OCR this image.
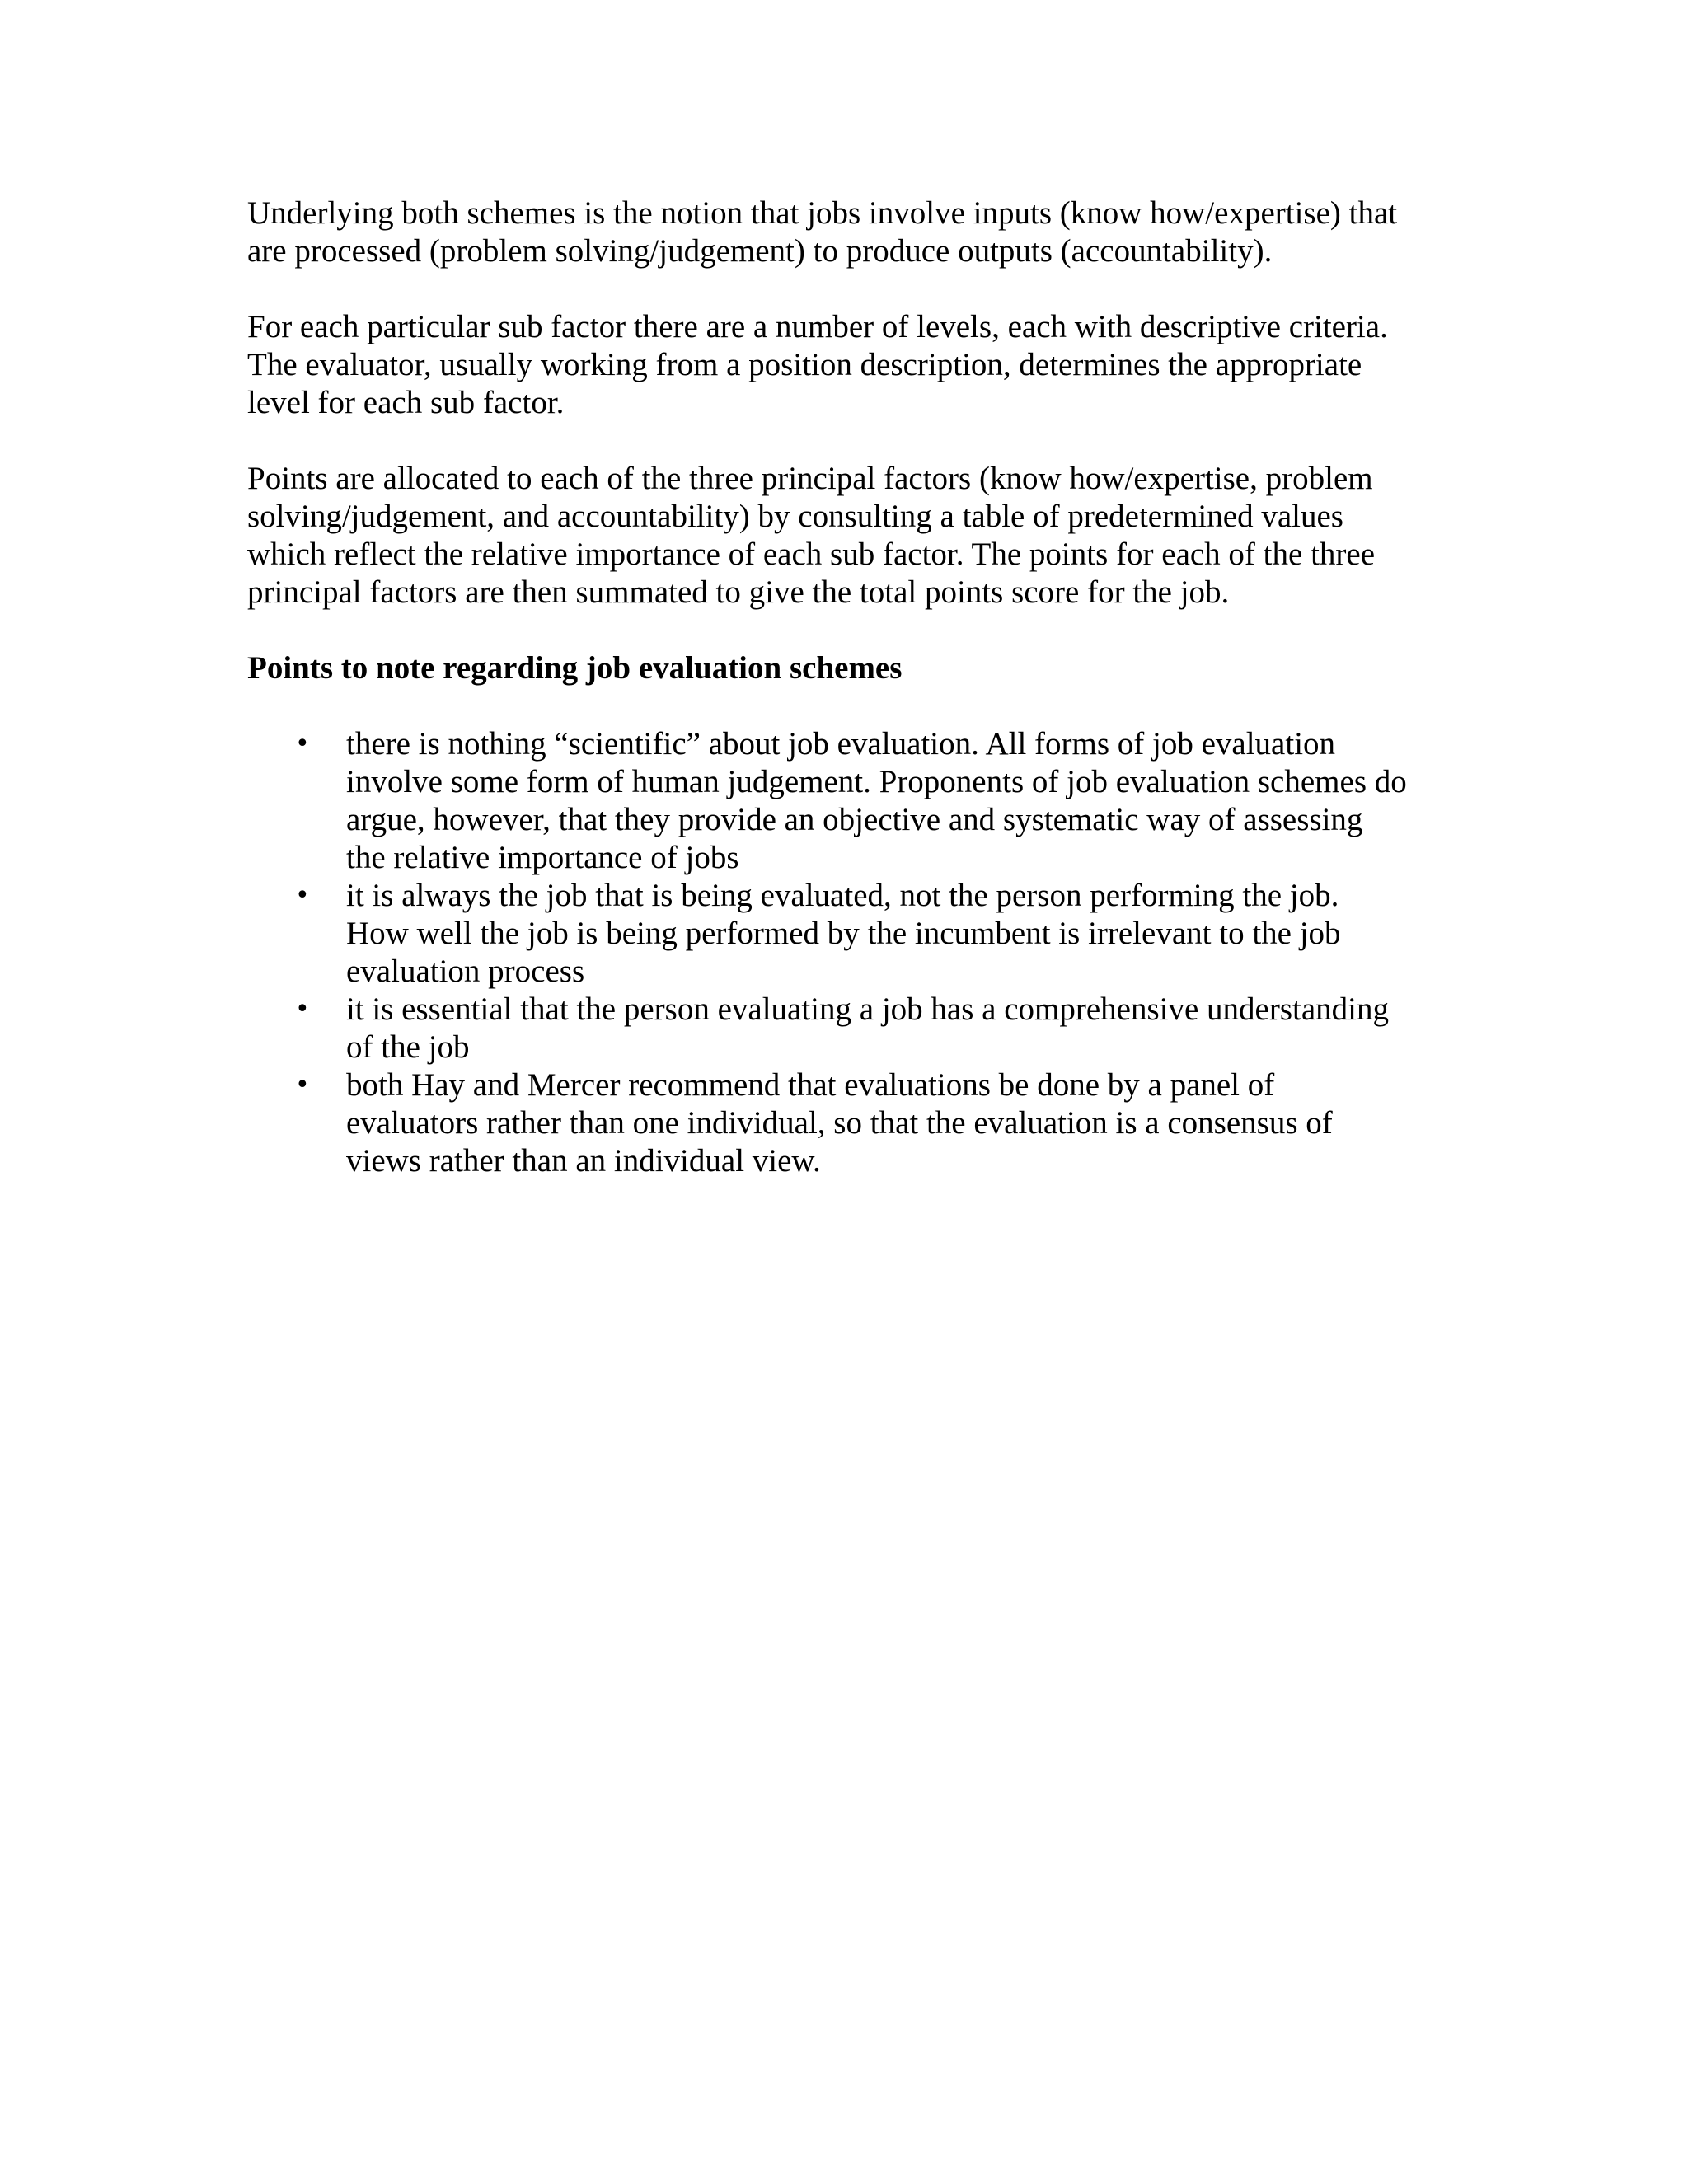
Underlying both schemes is the notion that jobs involve inputs (know how/expertise) that
are processed (problem solving/judgement) to produce outputs (accountability).

For each particular sub factor there are a number of levels, each with descriptive criteria.
The evaluator, usually working from a position description, determines the appropriate
level for each sub factor.

Points are allocated to each of the three principal factors (know how/expertise, problem
solving/judgement, and accountability) by consulting a table of predetermined values
which reflect the relative importance of each sub factor. The points for each of the three
principal factors are then summated to give the total points score for the job.

Points to note regarding job evaluation schemes

• there is nothing “scientific” about job evaluation. All forms of job evaluation
involve some form of human judgement. Proponents of job evaluation schemes do
argue, however, that they provide an objective and systematic way of assessing
the relative importance of jobs
• it is always the job that is being evaluated, not the person performing the job.
How well the job is being performed by the incumbent is irrelevant to the job
evaluation process
• it is essential that the person evaluating a job has a comprehensive understanding
of the job
• both Hay and Mercer recommend that evaluations be done by a panel of
evaluators rather than one individual, so that the evaluation is a consensus of
views rather than an individual view.
